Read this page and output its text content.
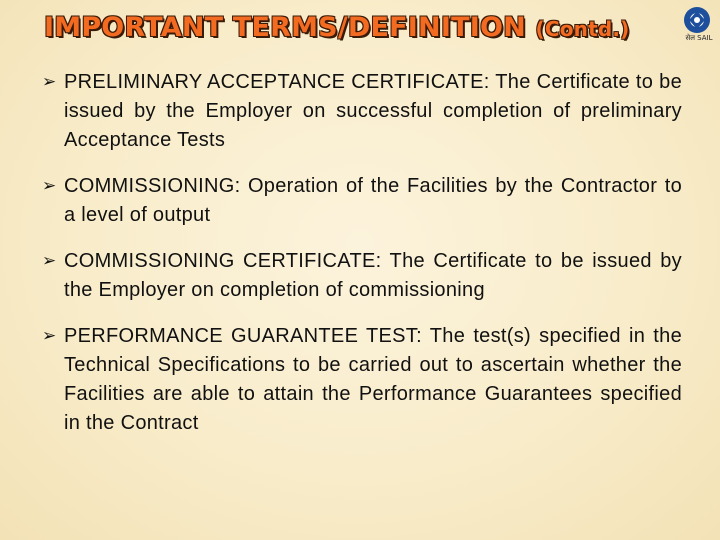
IMPORTANT TERMS/DEFINITION (Contd.)	सेल SAIL
➢ PRELIMINARY ACCEPTANCE CERTIFICATE: The Certificate to be issued by the Employer on successful completion of preliminary Acceptance Tests
➢ COMMISSIONING: Operation of the Facilities by the Contractor to a level of output
➢ COMMISSIONING CERTIFICATE: The Certificate to be issued by the Employer on completion of commissioning
➢ PERFORMANCE GUARANTEE TEST: The test(s) specified in the Technical Specifications to be carried out to ascertain whether the Facilities are able to attain the Performance Guarantees specified in the Contract
